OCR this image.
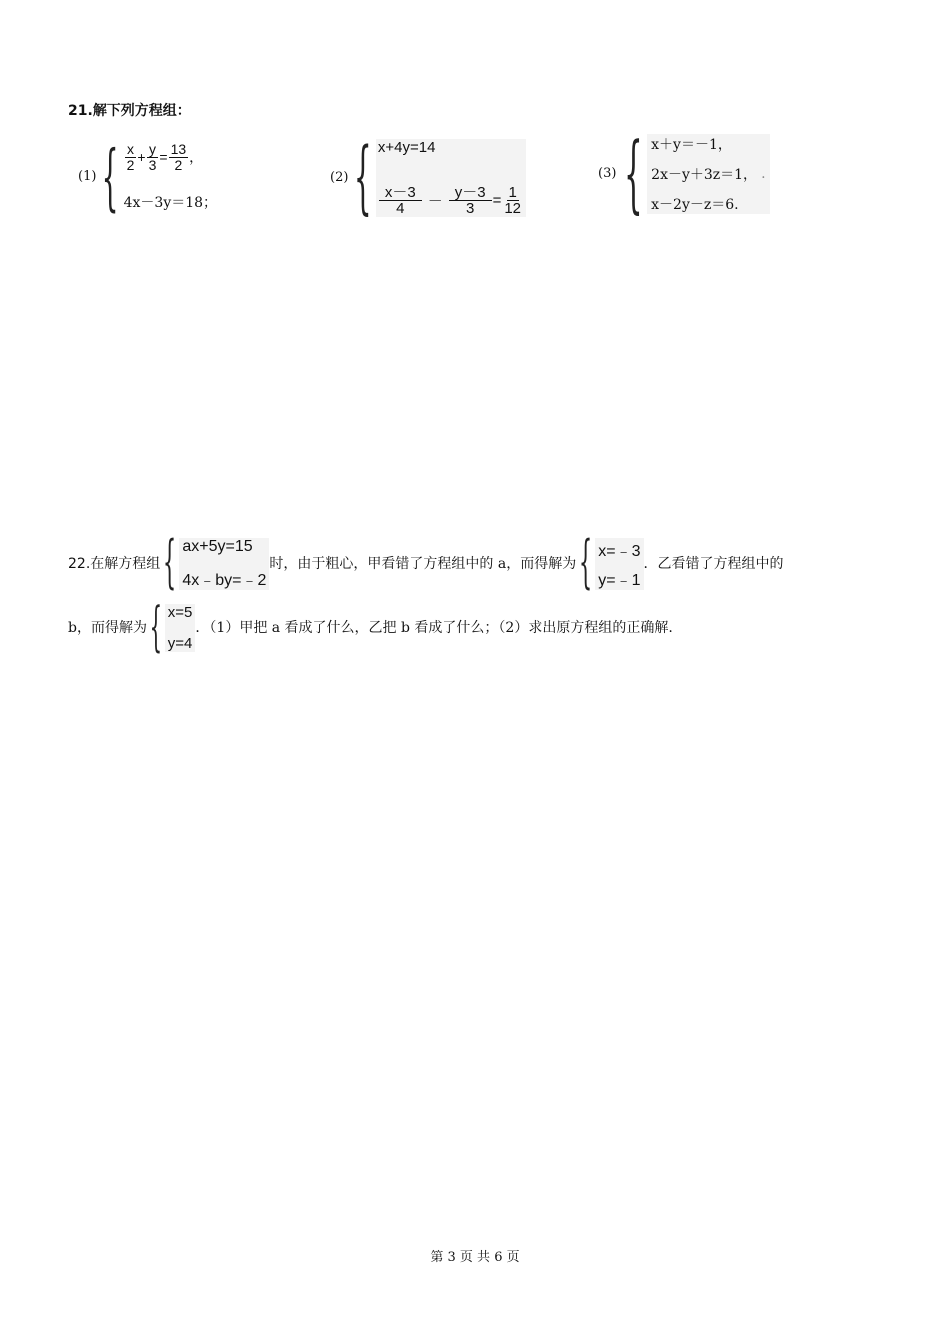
21.解下列方程组：
(1) { $\frac{x}{2} + \frac{y}{3} = \frac{13}{2}$ ，
4x－3y＝18；
(2) { x+4y=14
$\frac{x-3}{4} - \frac{y-3}{3} = \frac{1}{12}$
(3) { x＋y＝－1，
2x－y＋3z＝1， .
x－2y－z＝6.
22. 在解方程组 { ax+5y=15
4x﹣by=﹣2
时，由于粗心，甲看错了方程组中的 a，而得解为 { x=﹣3
y=﹣1
．乙看错了方程组中的
b，而得解为 { x=5
y=4
．（1）甲把 a 看成了什么，乙把 b 看成了什么；（2）求出原方程组的正确解.
第 3 页 共 6 页
